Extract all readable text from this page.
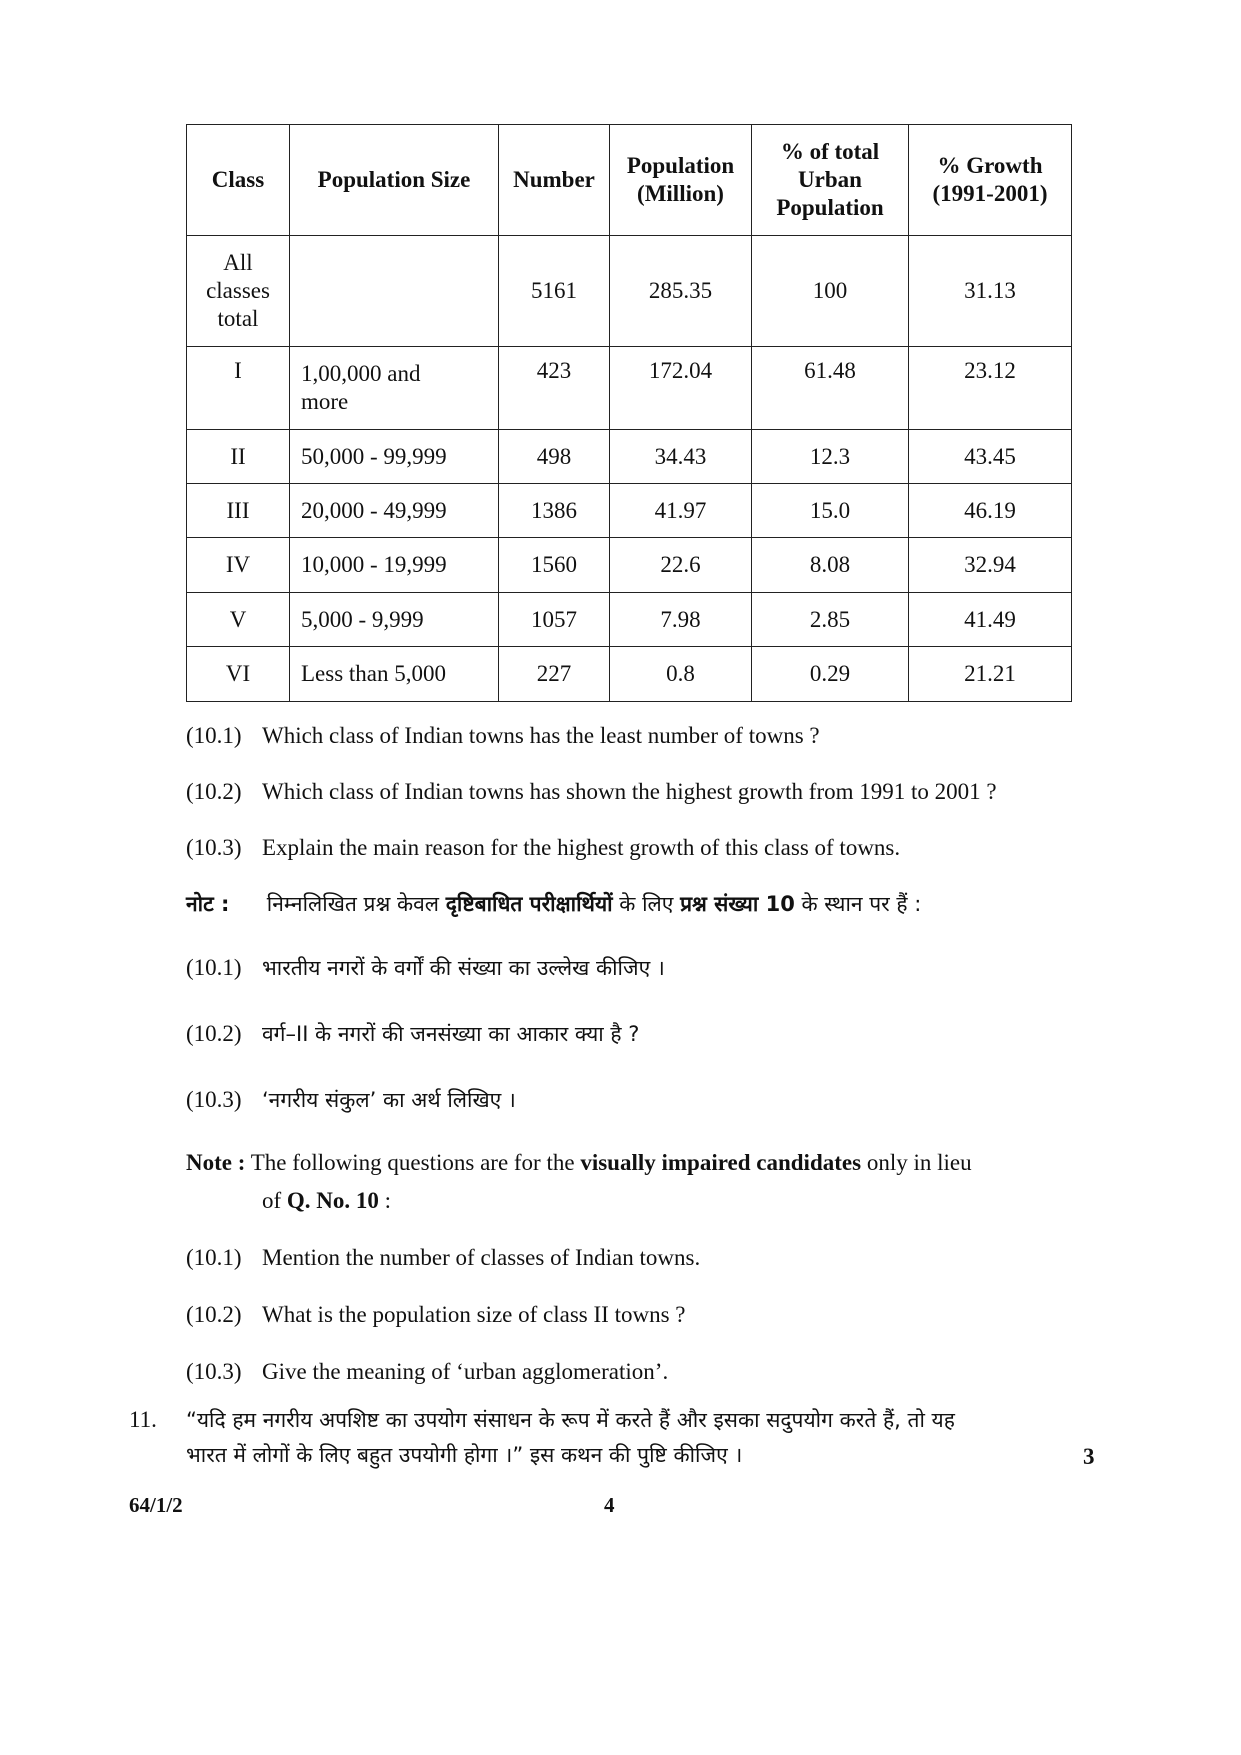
Class	Population Size	Number	Population (Million)	% of total Urban Population	% Growth (1991-2001)
All classes total		5161	285.35	100	31.13
I	1,00,000 and more	423	172.04	61.48	23.12
II	50,000 - 99,999	498	34.43	12.3	43.45
III	20,000 - 49,999	1386	41.97	15.0	46.19
IV	10,000 - 19,999	1560	22.6	8.08	32.94
V	5,000 - 9,999	1057	7.98	2.85	41.49
VI	Less than 5,000	227	0.8	0.29	21.21
(10.1) Which class of Indian towns has the least number of towns ?
(10.2) Which class of Indian towns has shown the highest growth from 1991 to 2001 ?
(10.3) Explain the main reason for the highest growth of this class of towns.
नोट : निम्नलिखित प्रश्न केवल दृष्टिबाधित परीक्षार्थियों के लिए प्रश्न संख्या 10 के स्थान पर हैं :
(10.1) भारतीय नगरों के वर्गों की संख्या का उल्लेख कीजिए ।
(10.2) वर्ग–II के नगरों की जनसंख्या का आकार क्या है ?
(10.3) ‘नगरीय संकुल’ का अर्थ लिखिए ।
Note : The following questions are for the visually impaired candidates only in lieu
of Q. No. 10 :
(10.1) Mention the number of classes of Indian towns.
(10.2) What is the population size of class II towns ?
(10.3) Give the meaning of ‘urban agglomeration’.
11. “यदि हम नगरीय अपशिष्ट का उपयोग संसाधन के रूप में करते हैं और इसका सदुपयोग करते हैं, तो यह
भारत में लोगों के लिए बहुत उपयोगी होगा ।” इस कथन की पुष्टि कीजिए ।	3
64/1/2	4
